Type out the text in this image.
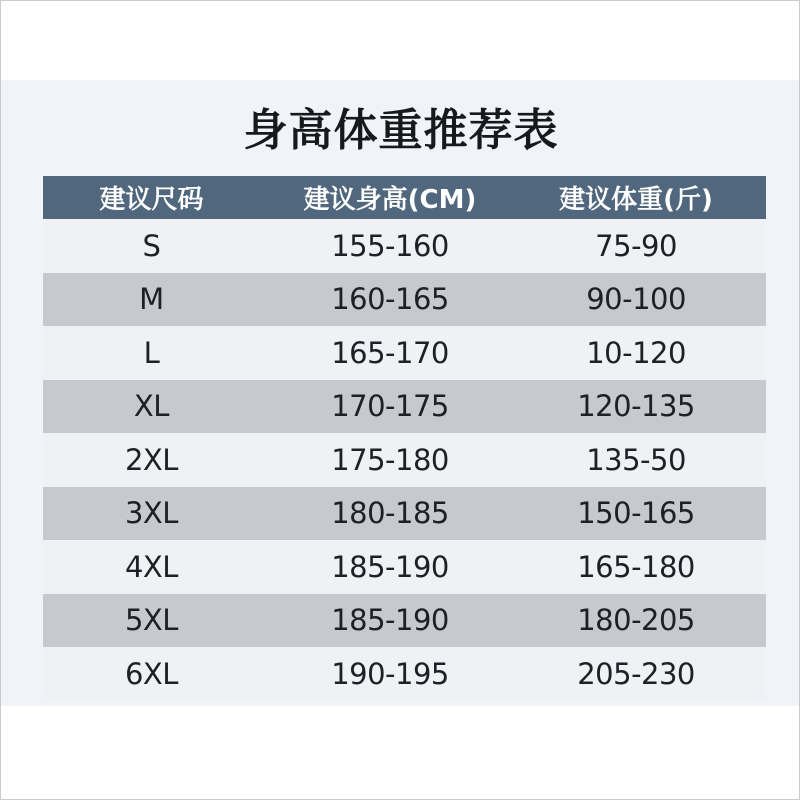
身高体重推荐表
建议尺码	建议身高(CM)	建议体重(斤)
S	155-160	75-90
M	160-165	90-100
L	165-170	10-120
XL	170-175	120-135
2XL	175-180	135-50
3XL	180-185	150-165
4XL	185-190	165-180
5XL	185-190	180-205
6XL	190-195	205-230
